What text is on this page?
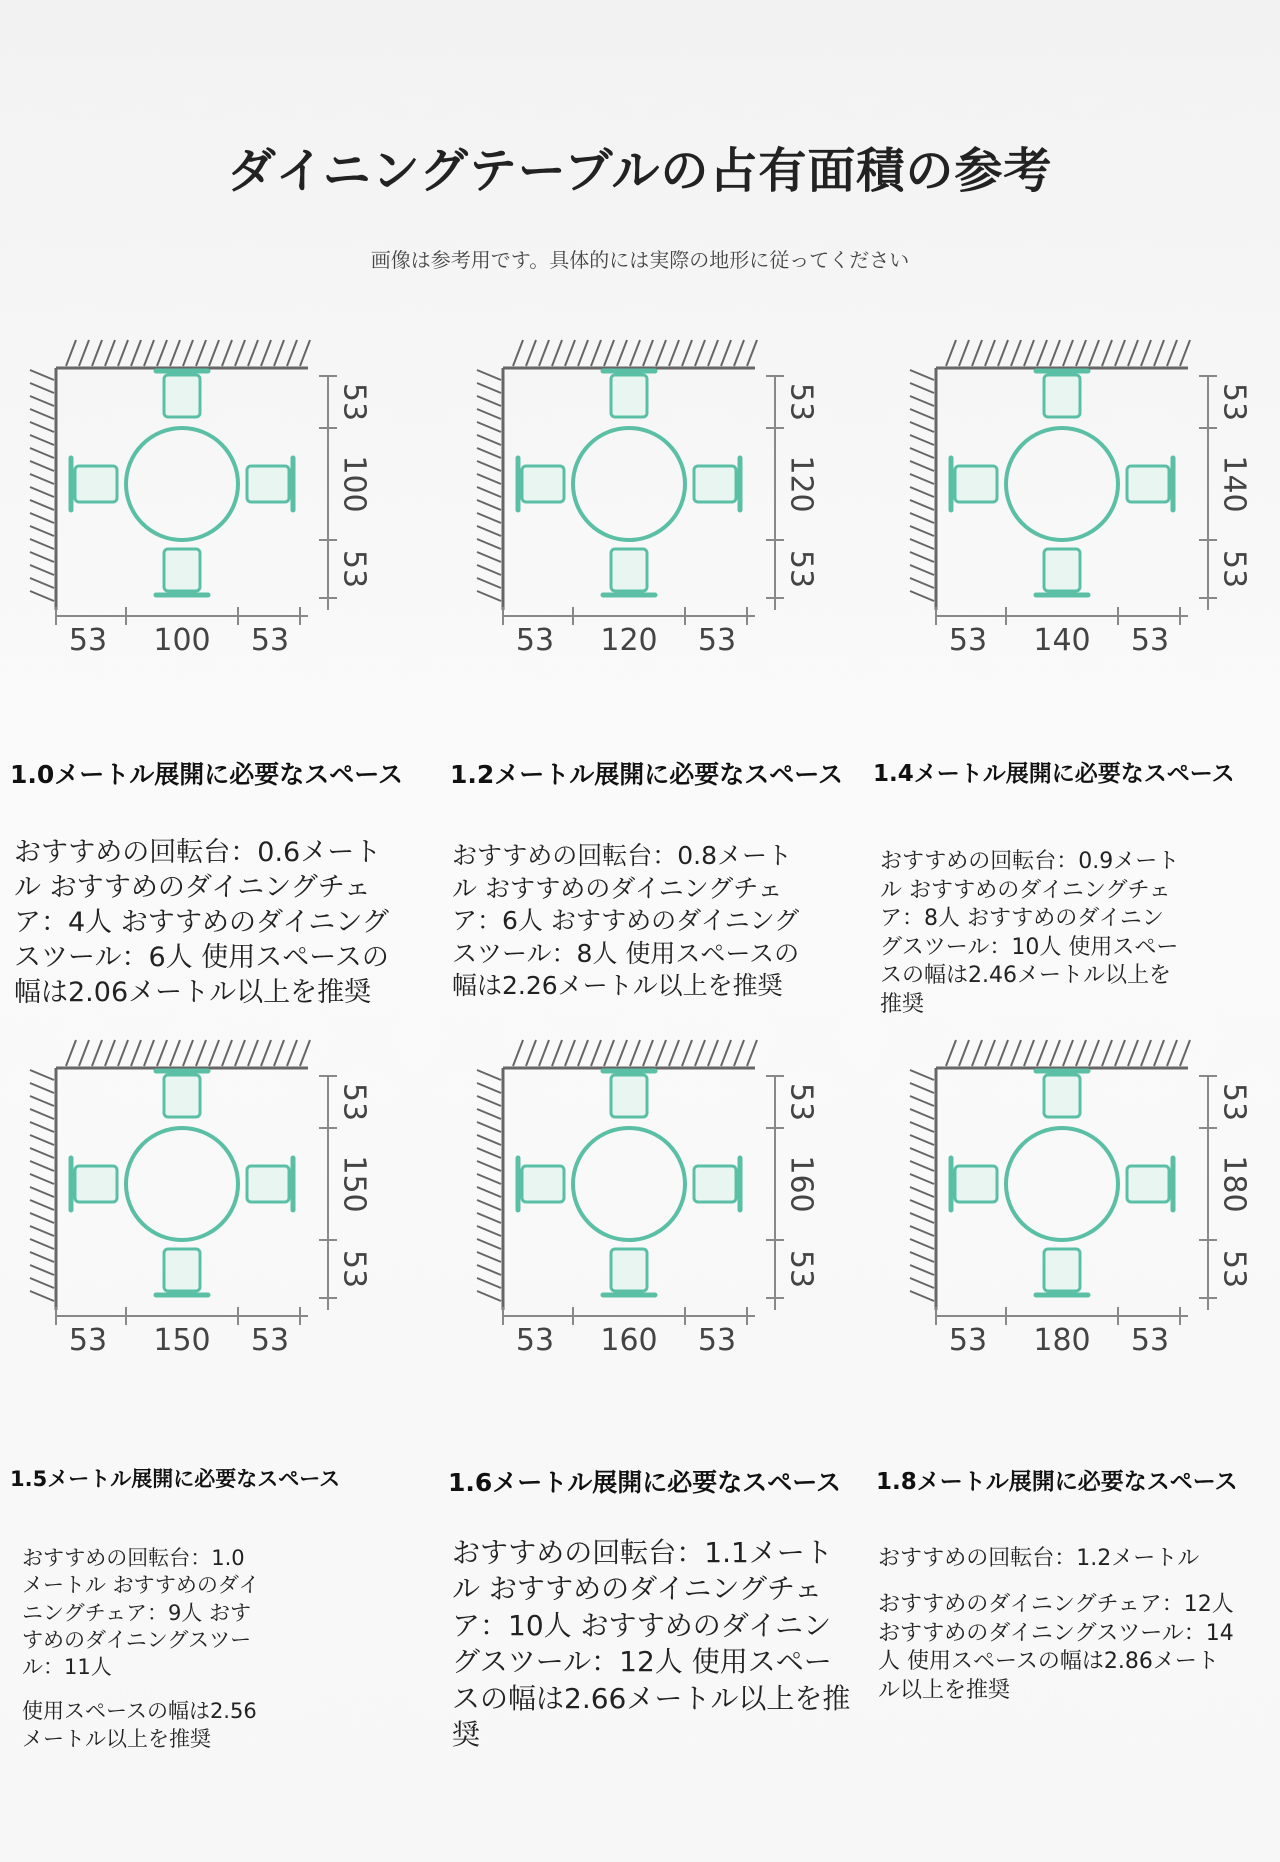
ダイニングテーブルの占有面積の参考
画像は参考用です。具体的には実際の地形に従ってください
53
100
53
53 100 53
1.0メートル展開に必要なスペース

おすすめの回転台：0.6メートル おすすめのダイニングチェア：4人 おすすめのダイニングスツール：6人 使用スペースの幅は2.06メートル以上を推奨

53
120
53
53 120 53
1.2メートル展開に必要なスペース

おすすめの回転台：0.8メートル おすすめのダイニングチェア：6人 おすすめのダイニングスツール：8人 使用スペースの幅は2.26メートル以上を推奨

53
140
53
53 140 53
1.4メートル展開に必要なスペース

おすすめの回転台：0.9メートル おすすめのダイニングチェア：8人 おすすめのダイニングスツール：10人 使用スペースの幅は2.46メートル以上を推奨

53
150
53
53 150 53
1.5メートル展開に必要なスペース

おすすめの回転台：1.0メートル おすすめのダイニングチェア：9人 おすすめのダイニングスツール：11人

使用スペースの幅は2.56メートル以上を推奨

53
160
53
53 160 53
1.6メートル展開に必要なスペース

おすすめの回転台：1.1メートル おすすめのダイニングチェア：10人 おすすめのダイニングスツール：12人 使用スペースの幅は2.66メートル以上を推奨

53
180
53
53 180 53
1.8メートル展開に必要なスペース

おすすめの回転台：1.2メートル

おすすめのダイニングチェア：12人 おすすめのダイニングスツール：14人 使用スペースの幅は2.86メートル以上を推奨
